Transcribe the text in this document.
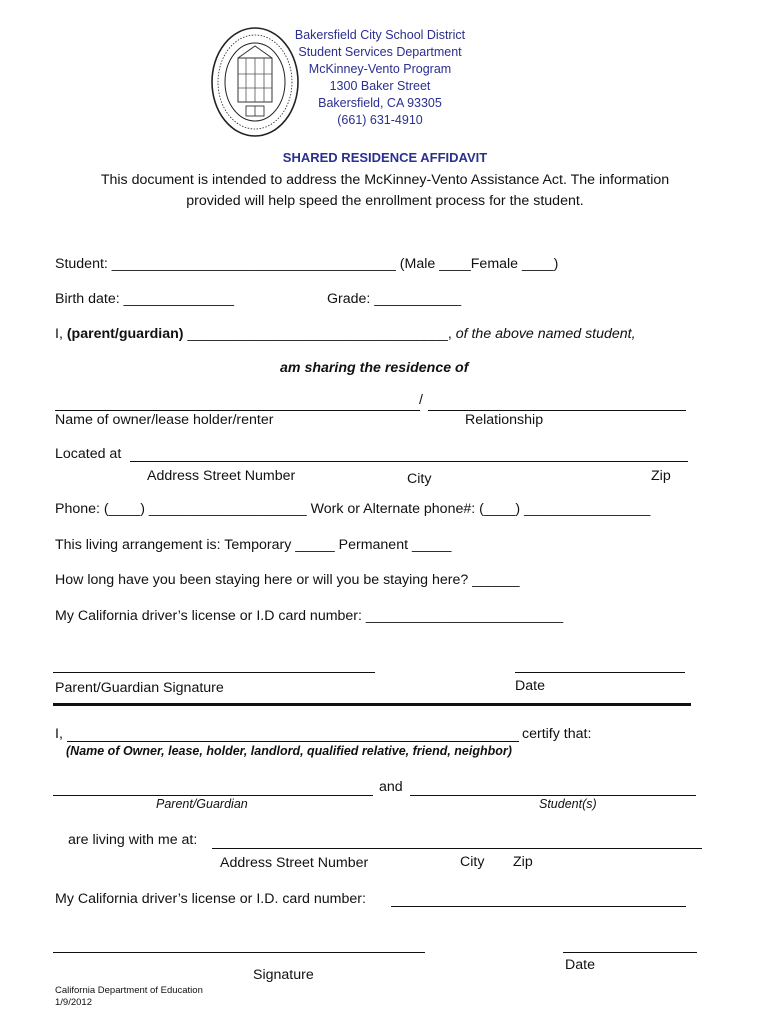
Bakersfield City School District
Student Services Department
McKinney-Vento Program
1300 Baker Street
Bakersfield, CA 93305
(661) 631-4910
SHARED RESIDENCE AFFIDAVIT
This document is intended to address the McKinney-Vento Assistance Act. The information
provided will help speed the enrollment process for the student.
Student: ____________________________________ (Male ____Female ____)
Birth date: ______________	Grade: ___________
I, (parent/guardian) _________________________________, of the above named student,
am sharing the residence of
/
Name of owner/lease holder/renter	Relationship
Located at
Address Street Number	City	Zip
Phone: (____) ____________________ Work or Alternate phone#: (____) ________________
This living arrangement is: Temporary _____ Permanent _____
How long have you been staying here or will you be staying here? ______
My California driver’s license or I.D card number: _________________________
Parent/Guardian Signature	Date
I,	certify that:
(Name of Owner, lease, holder, landlord, qualified relative, friend, neighbor)
and
Parent/Guardian	Student(s)
are living with me at:
Address Street Number	City Zip
My California driver’s license or I.D. card number:
Signature
Date
California Department of Education
1/9/2012
